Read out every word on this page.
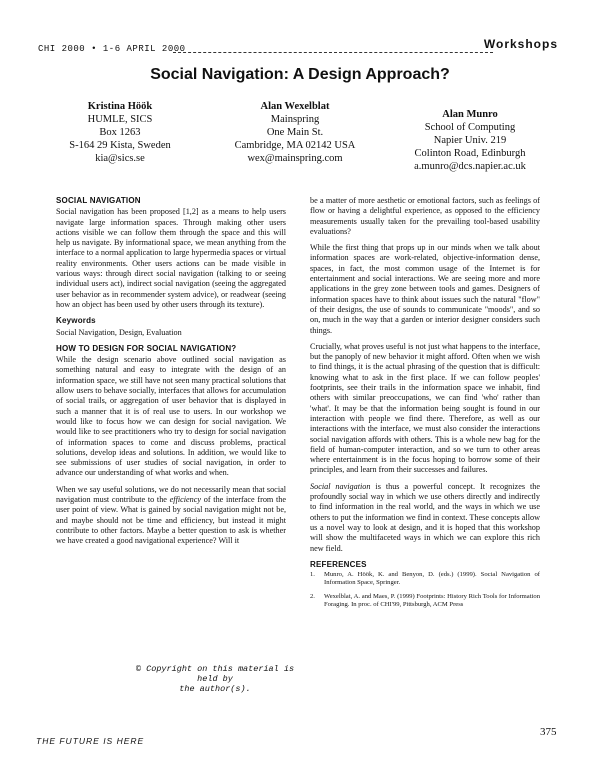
CHI 2000 • 1-6 APRIL 2000	Workshops
Social Navigation: A Design Approach?
Kristina Höök
HUMLE, SICS
Box 1263
S-164 29 Kista, Sweden
kia@sics.se
Alan Wexelblat
Mainspring
One Main St.
Cambridge, MA 02142 USA
wex@mainspring.com
Alan Munro
School of Computing
Napier Univ. 219
Colinton Road, Edinburgh
a.munro@dcs.napier.ac.uk
SOCIAL NAVIGATION

Social navigation has been proposed [1,2] as a means to help users navigate large information spaces. Through making other users actions visible we can follow them through the space and this will help us navigate. By informational space, we mean anything from the interface to a normal application to large hypermedia spaces or virtual reality environments. Other users actions can be made visible in various ways: through direct social navigation (talking to or seeing individual users act), indirect social navigation (seeing the aggregated user behavior as in recommender system advice), or readwear (seeing how an object has been used by other users through its texture).

Keywords

Social Navigation, Design, Evaluation

HOW TO DESIGN FOR SOCIAL NAVIGATION?

While the design scenario above outlined social navigation as something natural and easy to integrate with the design of an information space, we still have not seen many practical solutions that allow users to behave socially, interfaces that allows for accumulation of social trails, or aggregation of user behavior that is displayed in such a manner that it is of real use to users. In our workshop we would like to focus how we can design for social navigation. We would like to see practitioners who try to design for social navigation of information spaces to come and discuss problems, practical solutions, develop ideas and solutions. In addition, we would like to see submissions of user studies of social navigation, in order to advance our understanding of what works and when.

When we say useful solutions, we do not necessarily mean that social navigation must contribute to the efficiency of the interface from the user point of view. What is gained by social navigation might not be, and maybe should not be time and efficiency, but instead it might contribute to other factors. Maybe a better question to ask is whether we have created a good navigational experience? Will it

be a matter of more aesthetic or emotional factors, such as feelings of flow or having a delightful experience, as opposed to the efficiency measurements usually taken for the prevailing tool-based usability evaluations?

While the first thing that props up in our minds when we talk about information spaces are work-related, objective-information dense, spaces, in fact, the most common usage of the Internet is for entertainment and social interactions. We are seeing more and more applications in the grey zone between tools and games. Designers of information spaces have to think about issues such the natural "flow" of their designs, the use of sounds to communicate "moods", and so on, much in the way that a garden or interior designer considers such things.

Crucially, what proves useful is not just what happens to the interface, but the panoply of new behavior it might afford. Often when we wish to find things, it is the actual phrasing of the question that is difficult: knowing what to ask in the first place. If we can follow peoples' footprints, see their trails in the information space we inhabit, find others with similar preoccupations, we can find 'who' rather than 'what'. It may be that the information being sought is found in our interaction with people we find there. Therefore, as well as our interactions with the interface, we must also consider the interactions social navigation affords with others. This is a whole new bag for the field of human-computer interaction, and so we turn to other areas where entertainment is in the focus hoping to borrow some of their principles, and learn from their successes and failures.

Social navigation is thus a powerful concept. It recognizes the profoundly social way in which we use others directly and indirectly to find information in the real world, and the ways in which we use others to put the information we find in context. These concepts allow us a novel way to look at design, and it is hoped that this workshop will show the multifaceted ways in which we can explore this rich new field.

REFERENCES
1.	Munro, A. Höök, K. and Benyon, D. (eds.) (1999). Social Navigation of Information Space, Springer.
2.	Wexelblat, A. and Maes, P. (1999) Footprints: History Rich Tools for Information Foraging. In proc. of CHI'99, Pittsburgh, ACM Press
© Copyright on this material is held by
the author(s).
THE FUTURE IS HERE
375
